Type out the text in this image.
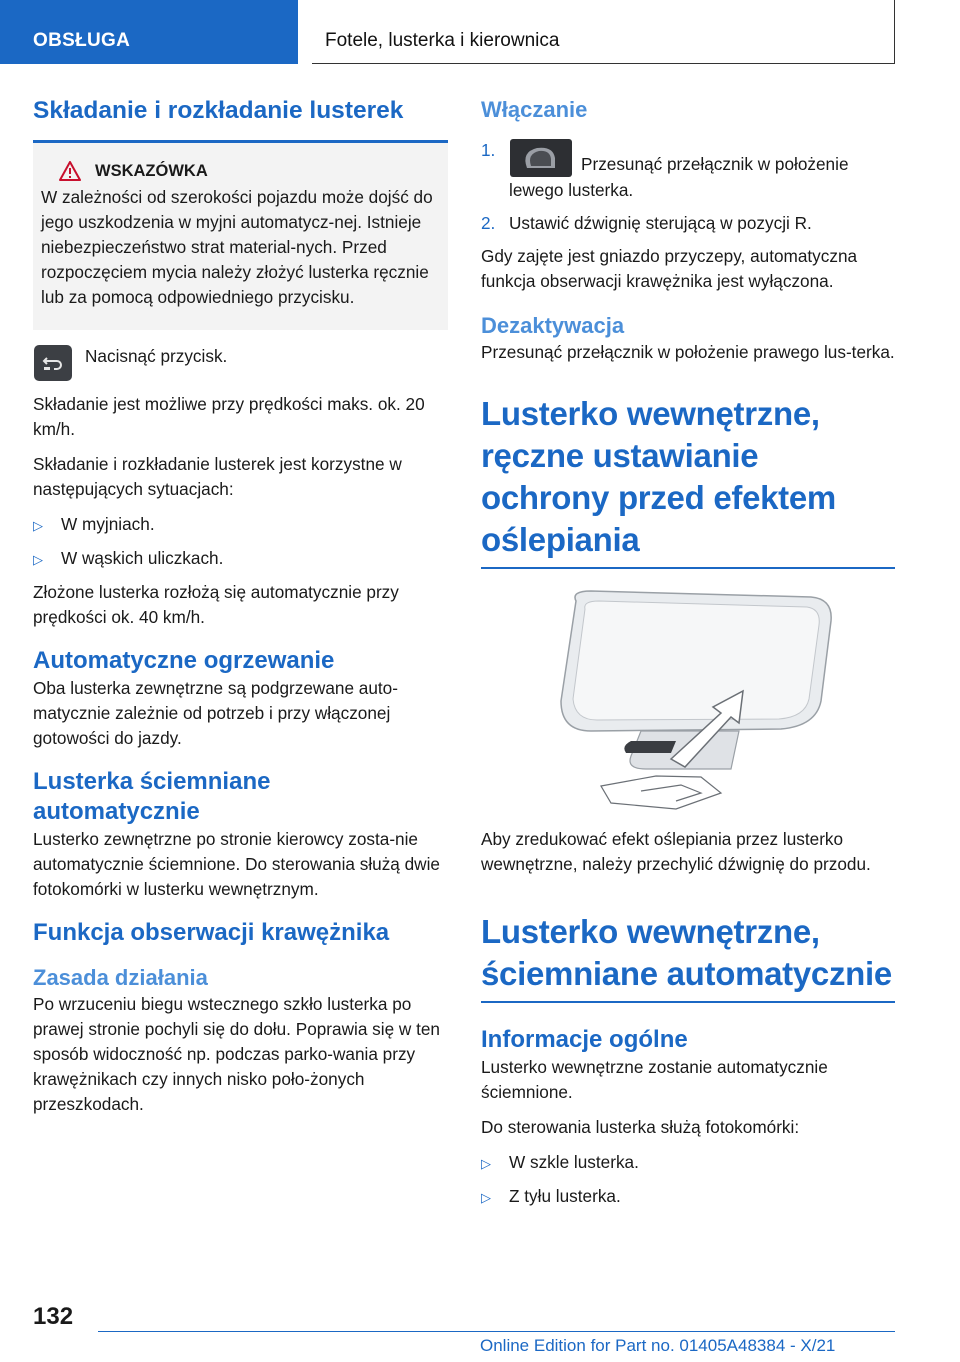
OBSŁUGA	Fotele, lusterka i kierownica
Składanie i rozkładanie lusterek
WSKAZÓWKA

W zależności od szerokości pojazdu może dojść do jego uszkodzenia w myjni automatycz-nej. Istnieje niebezpieczeństwo strat material-nych. Przed rozpoczęciem mycia należy złożyć lusterka ręcznie lub za pomocą odpowiedniego przycisku.

Nacisnąć przycisk.

Składanie jest możliwe przy prędkości maks. ok. 20 km/h.

Składanie i rozkładanie lusterek jest korzystne w następujących sytuacjach:

▷	W myjniach.
▷	W wąskich uliczkach.

Złożone lusterka rozłożą się automatycznie przy prędkości ok. 40 km/h.

Automatyczne ogrzewanie

Oba lusterka zewnętrzne są podgrzewane auto-matycznie zależnie od potrzeb i przy włączonej gotowości do jazdy.

Lusterka ściemniane automatycznie

Lusterko zewnętrzne po stronie kierowcy zosta-nie automatycznie ściemnione. Do sterowania służą dwie fotokomórki w lusterku wewnętrznym.

Funkcja obserwacji krawężnika
Zasada działania

Po wrzuceniu biegu wstecznego szkło lusterka po prawej stronie pochyli się do dołu. Poprawia się w ten sposób widoczność np. podczas parko-wania przy krawężnikach czy innych nisko poło-żonych przeszkodach.

Włączanie
1.
Przesunąć przełącznik w położenie lewego lusterka.
2. Ustawić dźwignię sterującą w pozycji R.

Gdy zajęte jest gniazdo przyczepy, automatyczna funkcja obserwacji krawężnika jest wyłączona.

Dezaktywacja

Przesunąć przełącznik w położenie prawego lus-terka.

Lusterko wewnętrzne, ręczne ustawianie ochrony przed efektem oślepiania

Aby zredukować efekt oślepiania przez lusterko wewnętrzne, należy przechylić dźwignię do przodu.

Lusterko wewnętrzne, ściemniane automatycznie
Informacje ogólne

Lusterko wewnętrzne zostanie automatycznie ściemnione.

Do sterowania lusterka służą fotokomórki:

▷	W szkle lusterka.
▷	Z tyłu lusterka.
132
Online Edition for Part no. 01405A48384 - X/21
